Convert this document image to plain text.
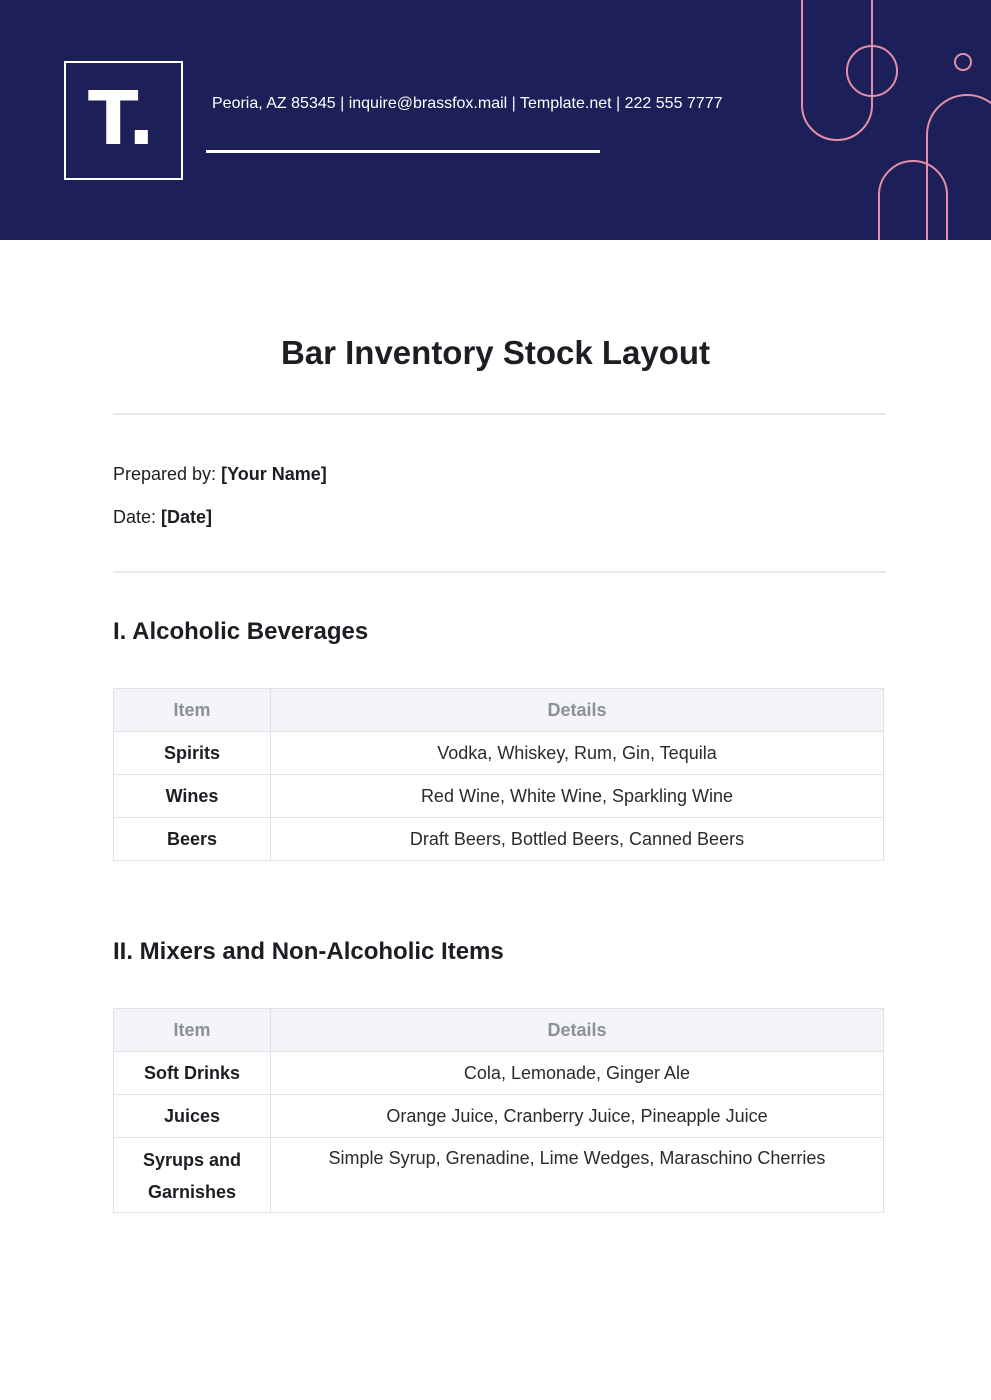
T.	Peoria, AZ 85345 | inquire@brassfox.mail | Template.net | 222 555 7777
Bar Inventory Stock Layout
Prepared by: [Your Name]
Date: [Date]
I. Alcoholic Beverages
Item	Details
Spirits	Vodka, Whiskey, Rum, Gin, Tequila
Wines	Red Wine, White Wine, Sparkling Wine
Beers	Draft Beers, Bottled Beers, Canned Beers
II. Mixers and Non-Alcoholic Items
Item	Details
Soft Drinks	Cola, Lemonade, Ginger Ale
Juices	Orange Juice, Cranberry Juice, Pineapple Juice
Syrups and Garnishes	Simple Syrup, Grenadine, Lime Wedges, Maraschino Cherries
